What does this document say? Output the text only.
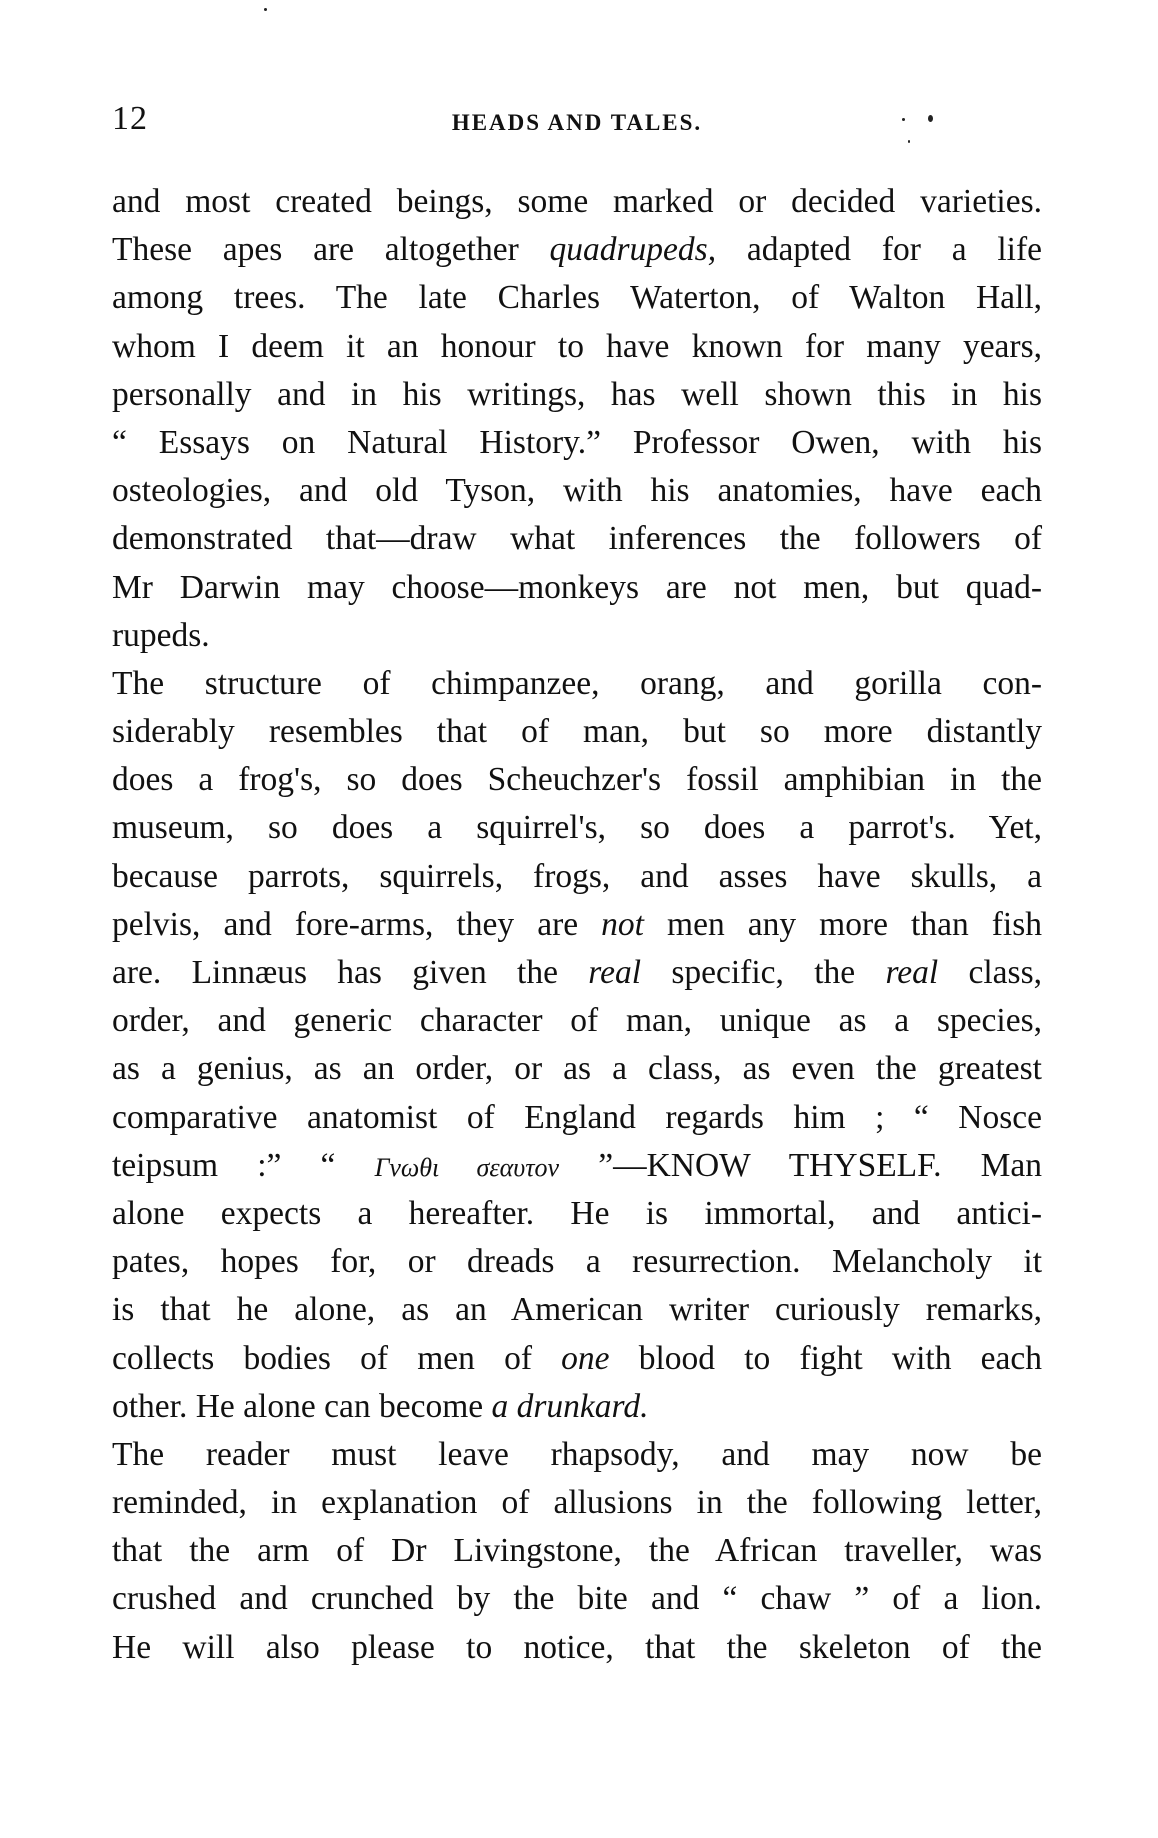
12	HEADS AND TALES.
and most created beings, some marked or decided varieties.
These apes are altogether quadrupeds, adapted for a life
among trees. The late Charles Waterton, of Walton Hall,
whom I deem it an honour to have known for many years,
personally and in his writings, has well shown this in his
“ Essays on Natural History.” Professor Owen, with his
osteologies, and old Tyson, with his anatomies, have each
demonstrated that—draw what inferences the followers of
Mr Darwin may choose—monkeys are not men, but quad-
rupeds.
The structure of chimpanzee, orang, and gorilla con-
siderably resembles that of man, but so more distantly
does a frog's, so does Scheuchzer's fossil amphibian in the
museum, so does a squirrel's, so does a parrot's. Yet,
because parrots, squirrels, frogs, and asses have skulls, a
pelvis, and fore-arms, they are not men any more than fish
are. Linnæus has given the real specific, the real class,
order, and generic character of man, unique as a species,
as a genius, as an order, or as a class, as even the greatest
comparative anatomist of England regards him ; “ Nosce
teipsum :” “ Γνωθι σεαυτον ”—KNOW THYSELF. Man
alone expects a hereafter. He is immortal, and antici-
pates, hopes for, or dreads a resurrection. Melancholy it
is that he alone, as an American writer curiously remarks,
collects bodies of men of one blood to fight with each
other. He alone can become a drunkard.
The reader must leave rhapsody, and may now be
reminded, in explanation of allusions in the following letter,
that the arm of Dr Livingstone, the African traveller, was
crushed and crunched by the bite and “ chaw ” of a lion.
He will also please to notice, that the skeleton of the
